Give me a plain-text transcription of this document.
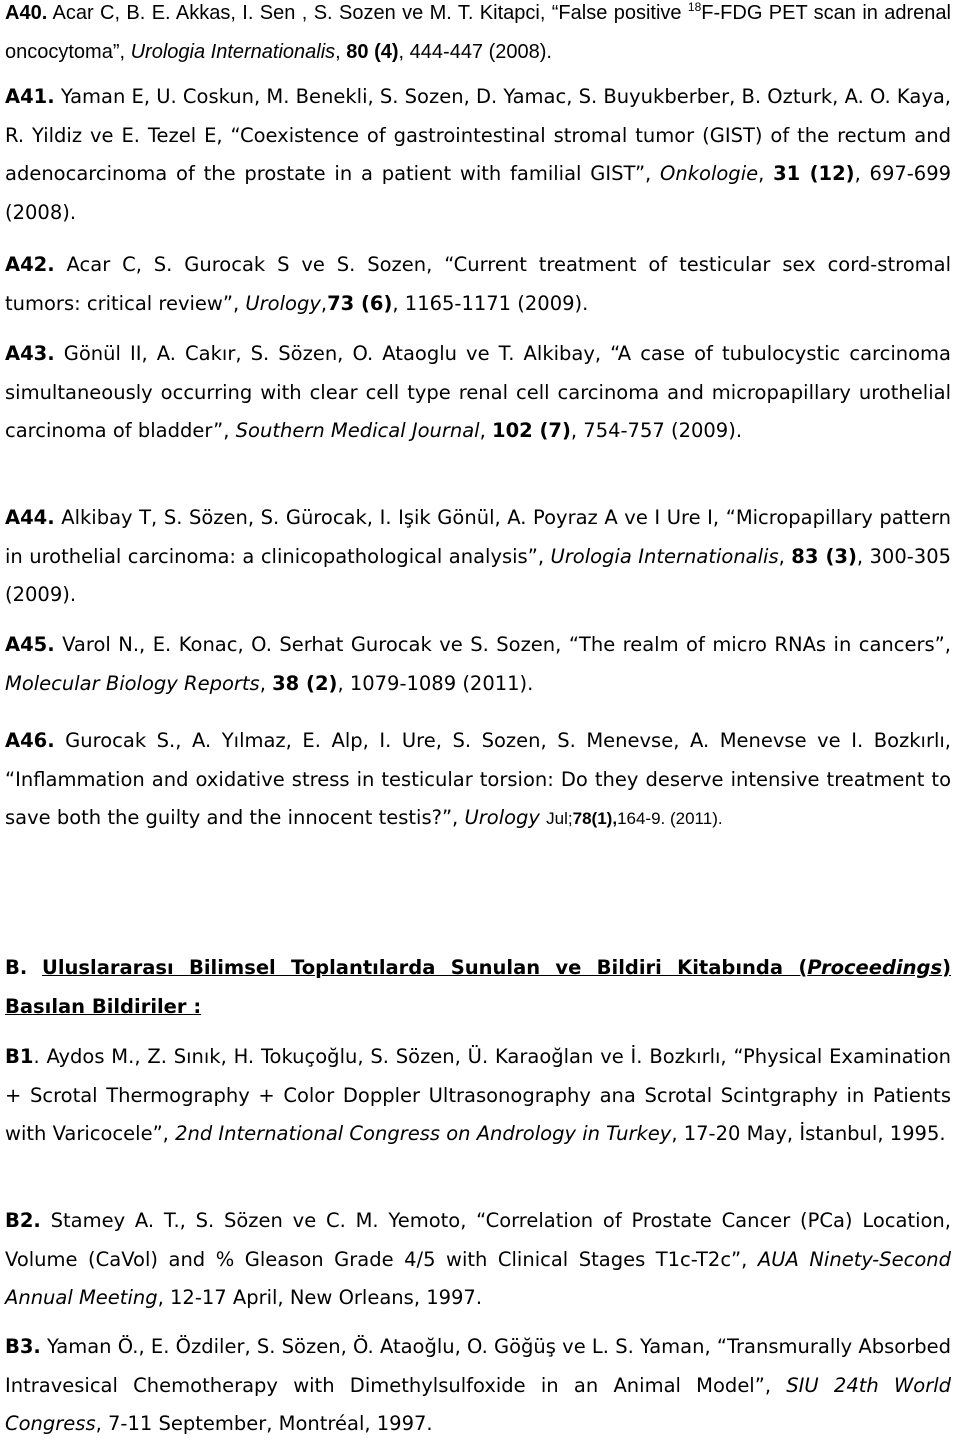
A40. Acar C, B. E. Akkas, I. Sen , S. Sozen ve M. T. Kitapci, “False positive $^{18}$F-FDG PET scan in adrenal oncocytoma”, Urologia Internationalis, 80 (4), 444-447 (2008).

A41. Yaman E, U. Coskun, M. Benekli, S. Sozen, D. Yamac, S. Buyukberber, B. Ozturk, A. O. Kaya, R. Yildiz ve E. Tezel E, “Coexistence of gastrointestinal stromal tumor (GIST) of the rectum and adenocarcinoma of the prostate in a patient with familial GIST”, Onkologie, 31 (12), 697-699 (2008).

A42. Acar C, S. Gurocak S ve S. Sozen, “Current treatment of testicular sex cord-stromal tumors: critical review”, Urology,73 (6), 1165-1171 (2009).

A43. Gönül II, A. Cakır, S. Sözen, O. Ataoglu ve T. Alkibay, “A case of tubulocystic carcinoma simultaneously occurring with clear cell type renal cell carcinoma and micropapillary urothelial carcinoma of bladder”, Southern Medical Journal, 102 (7), 754-757 (2009).

A44. Alkibay T, S. Sözen, S. Gürocak, I. Işik Gönül, A. Poyraz A ve I Ure I, “Micropapillary pattern in urothelial carcinoma: a clinicopathological analysis”, Urologia Internationalis, 83 (3), 300-305 (2009).

A45. Varol N., E. Konac, O. Serhat Gurocak ve S. Sozen, “The realm of micro RNAs in cancers”, Molecular Biology Reports, 38 (2), 1079-1089 (2011).

A46. Gurocak S., A. Yılmaz, E. Alp, I. Ure, S. Sozen, S. Menevse, A. Menevse ve I. Bozkırlı, “Inflammation and oxidative stress in testicular torsion: Do they deserve intensive treatment to save both the guilty and the innocent testis?”, Urology Jul;78(1),164-9. (2011).

B. Uluslararası Bilimsel Toplantılarda Sunulan ve Bildiri Kitabında (Proceedings) Basılan Bildiriler :

B1. Aydos M., Z. Sınık, H. Tokuçoğlu, S. Sözen, Ü. Karaoğlan ve İ. Bozkırlı, “Physical Examination + Scrotal Thermography + Color Doppler Ultrasonography ana Scrotal Scintgraphy in Patients with Varicocele”, 2nd International Congress on Andrology in Turkey, 17-20 May, İstanbul, 1995.

B2. Stamey A. T., S. Sözen ve C. M. Yemoto, “Correlation of Prostate Cancer (PCa) Location, Volume (CaVol) and % Gleason Grade 4/5 with Clinical Stages T1c-T2c”, AUA Ninety-Second Annual Meeting, 12-17 April, New Orleans, 1997.

B3. Yaman Ö., E. Özdiler, S. Sözen, Ö. Ataoğlu, O. Göğüş ve L. S. Yaman, “Transmurally Absorbed Intravesical Chemotherapy with Dimethylsulfoxide in an Animal Model”, SIU 24th World Congress, 7-11 September, Montréal, 1997.
